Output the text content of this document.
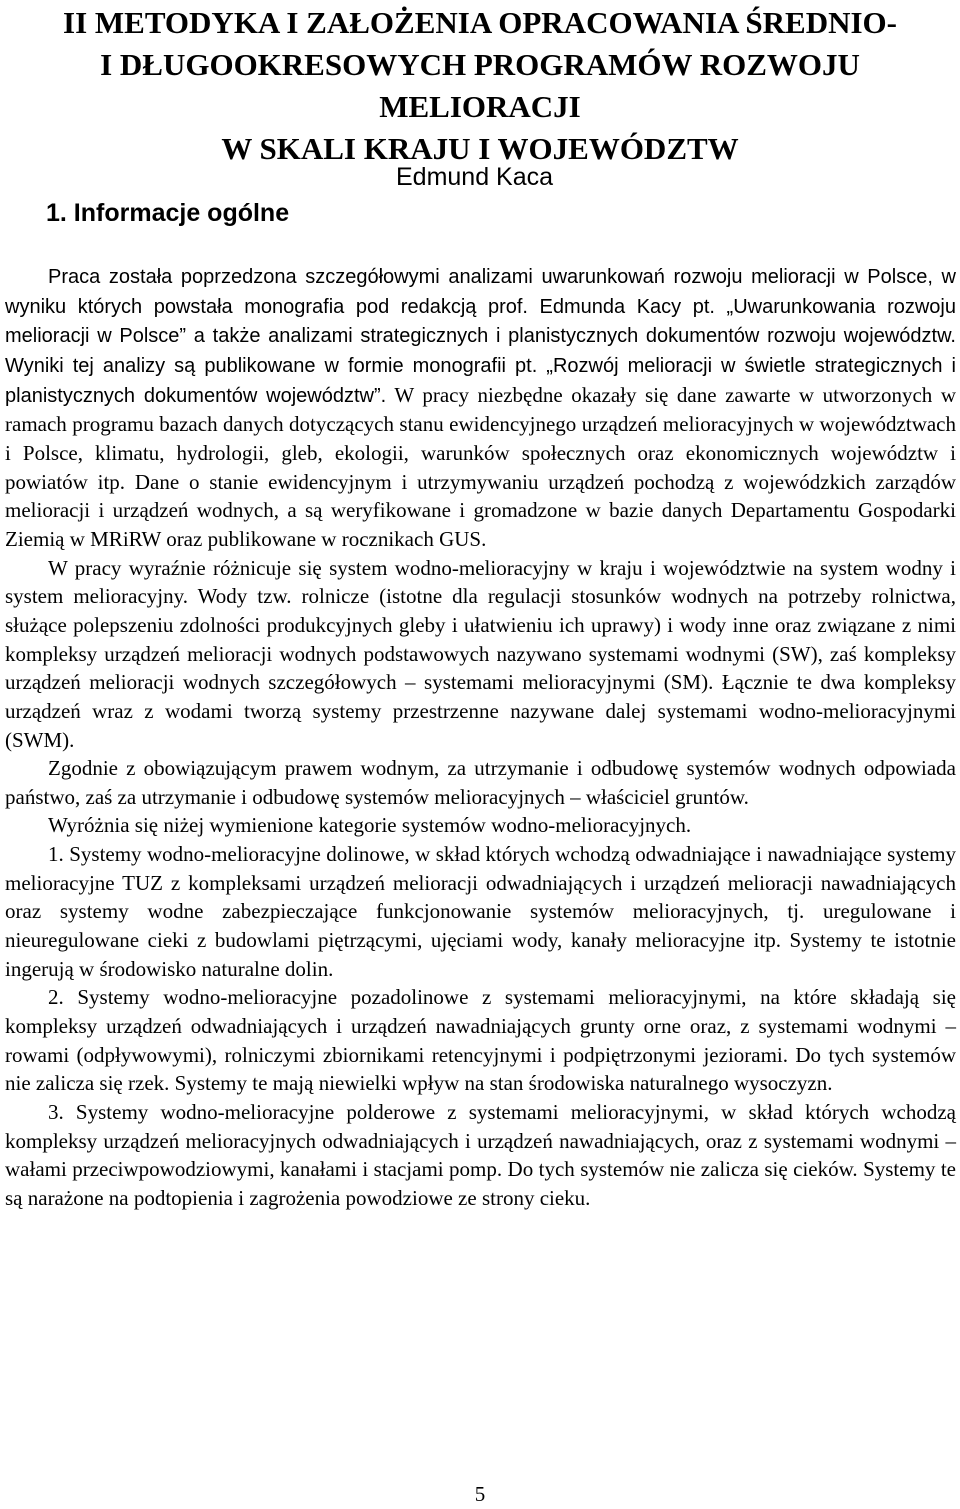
II METODYKA I ZAŁOŻENIA OPRACOWANIA ŚREDNIO-
I DŁUGOOKRESOWYCH PROGRAMÓW ROZWOJU MELIORACJI
W SKALI KRAJU I WOJEWÓDZTW
Edmund Kaca
1. Informacje ogólne

Praca została poprzedzona szczegółowymi analizami uwarunkowań rozwoju melioracji w Polsce, w wyniku których powstała monografia pod redakcją prof. Edmunda Kacy pt. „Uwarunkowania rozwoju melioracji w Polsce” a także analizami strategicznych i planistycznych dokumentów rozwoju województw. Wyniki tej analizy są publikowane w formie monografii pt. „Rozwój melioracji w świetle strategicznych i planistycznych dokumentów województw”. W pracy niezbędne okazały się dane zawarte w utworzonych w ramach programu bazach danych dotyczących stanu ewidencyjnego urządzeń melioracyjnych w województwach i Polsce, klimatu, hydrologii, gleb, ekologii, warunków społecznych oraz ekonomicznych województw i powiatów itp. Dane o stanie ewidencyjnym i utrzymywaniu urządzeń pochodzą z wojewódzkich zarządów melioracji i urządzeń wodnych, a są weryfikowane i gromadzone w bazie danych Departamentu Gospodarki Ziemią w MRiRW oraz publikowane w rocznikach GUS.

W pracy wyraźnie różnicuje się system wodno-melioracyjny w kraju i województwie na system wodny i system melioracyjny. Wody tzw. rolnicze (istotne dla regulacji stosunków wodnych na potrzeby rolnictwa, służące polepszeniu zdolności produkcyjnych gleby i ułatwieniu ich uprawy) i wody inne oraz związane z nimi kompleksy urządzeń melioracji wodnych podstawowych nazywano systemami wodnymi (SW), zaś kompleksy urządzeń melioracji wodnych szczegółowych – systemami melioracyjnymi (SM). Łącznie te dwa kompleksy urządzeń wraz z wodami tworzą systemy przestrzenne nazywane dalej systemami wodno-melioracyjnymi (SWM).

Zgodnie z obowiązującym prawem wodnym, za utrzymanie i odbudowę systemów wodnych odpowiada państwo, zaś za utrzymanie i odbudowę systemów melioracyjnych – właściciel gruntów.

Wyróżnia się niżej wymienione kategorie systemów wodno-melioracyjnych.

1. Systemy wodno-melioracyjne dolinowe, w skład których wchodzą odwadniające i nawadniające systemy melioracyjne TUZ z kompleksami urządzeń melioracji odwadniających i urządzeń melioracji nawadniających oraz systemy wodne zabezpieczające funkcjonowanie systemów melioracyjnych, tj. uregulowane i nieuregulowane cieki z budowlami piętrzącymi, ujęciami wody, kanały melioracyjne itp. Systemy te istotnie ingerują w środowisko naturalne dolin.

2. Systemy wodno-melioracyjne pozadolinowe z systemami melioracyjnymi, na które składają się kompleksy urządzeń odwadniających i urządzeń nawadniających grunty orne oraz, z systemami wodnymi – rowami (odpływowymi), rolniczymi zbiornikami retencyjnymi i podpiętrzonymi jeziorami. Do tych systemów nie zalicza się rzek. Systemy te mają niewielki wpływ na stan środowiska naturalnego wysoczyzn.

3. Systemy wodno-melioracyjne polderowe z systemami melioracyjnymi, w skład których wchodzą kompleksy urządzeń melioracyjnych odwadniających i urządzeń nawadniających, oraz z systemami wodnymi – wałami przeciwpowodziowymi, kanałami i stacjami pomp. Do tych systemów nie zalicza się cieków. Systemy te są narażone na podtopienia i zagrożenia powodziowe ze strony cieku.

5
